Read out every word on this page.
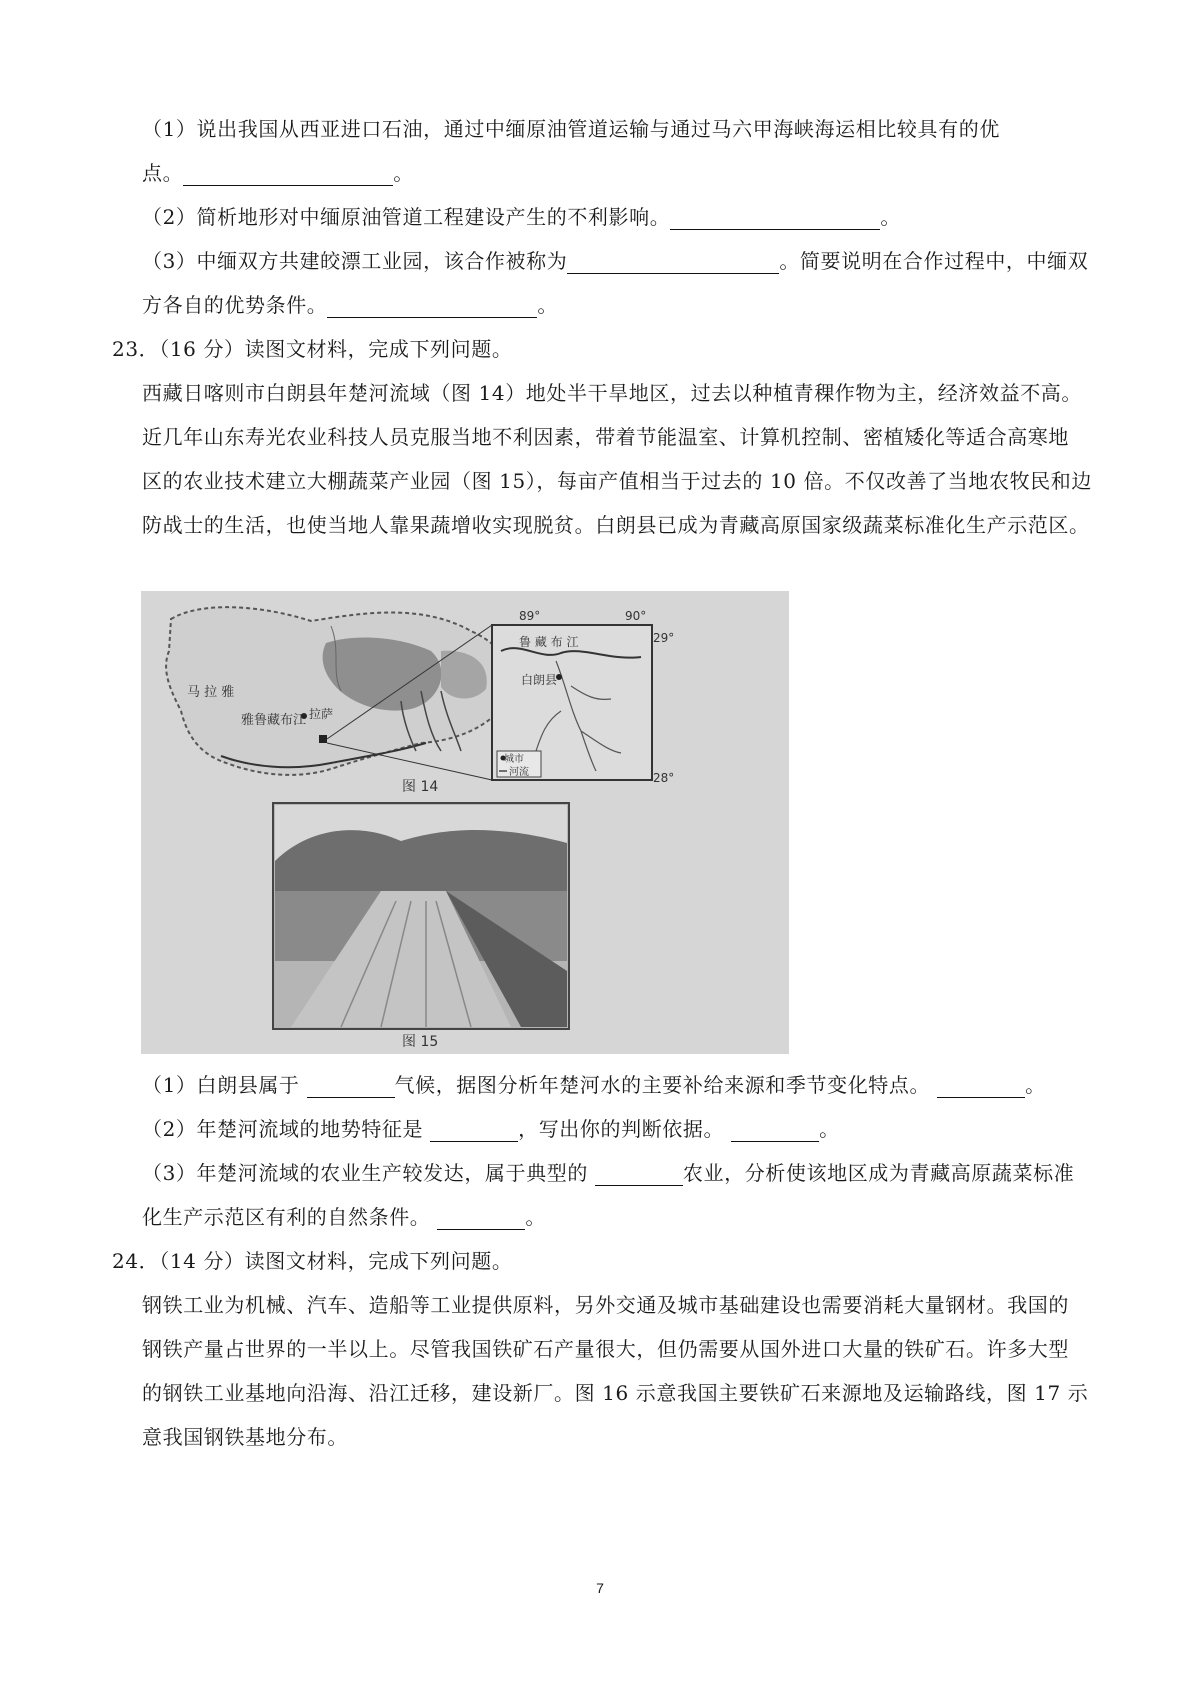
（1）说出我国从西亚进口石油，通过中缅原油管道运输与通过马六甲海峡海运相比较具有的优
点。	。
（2）简析地形对中缅原油管道工程建设产生的不利影响。	。
（3）中缅双方共建皎漂工业园，该合作被称为	。简要说明在合作过程中，中缅双
方各自的优势条件。	。
23．（16 分）读图文材料，完成下列问题。
西藏日喀则市白朗县年楚河流域（图 14）地处半干旱地区，过去以种植青稞作物为主，经济效益不高。
近几年山东寿光农业科技人员克服当地不利因素，带着节能温室、计算机控制、密植矮化等适合高寒地
区的农业技术建立大棚蔬菜产业园（图 15），每亩产值相当于过去的 10 倍。不仅改善了当地农牧民和边
防战士的生活，也使当地人靠果蔬增收实现脱贫。白朗县已成为青藏高原国家级蔬菜标准化生产示范区。
89°	90°
29°
28°
鲁 藏 布 江
白朗县
城市
河流
拉萨
雅鲁藏布江
马 拉 雅
图 14
图 15
（1）白朗县属于	气候，据图分析年楚河水的主要补给来源和季节变化特点。	。
（2）年楚河流域的地势特征是	，写出你的判断依据。	。
（3）年楚河流域的农业生产较发达，属于典型的	农业，分析使该地区成为青藏高原蔬菜标准
化生产示范区有利的自然条件。	。
24．（14 分）读图文材料，完成下列问题。
钢铁工业为机械、汽车、造船等工业提供原料，另外交通及城市基础建设也需要消耗大量钢材。我国的
钢铁产量占世界的一半以上。尽管我国铁矿石产量很大，但仍需要从国外进口大量的铁矿石。许多大型
的钢铁工业基地向沿海、沿江迁移，建设新厂。图 16 示意我国主要铁矿石来源地及运输路线，图 17 示
意我国钢铁基地分布。
7
